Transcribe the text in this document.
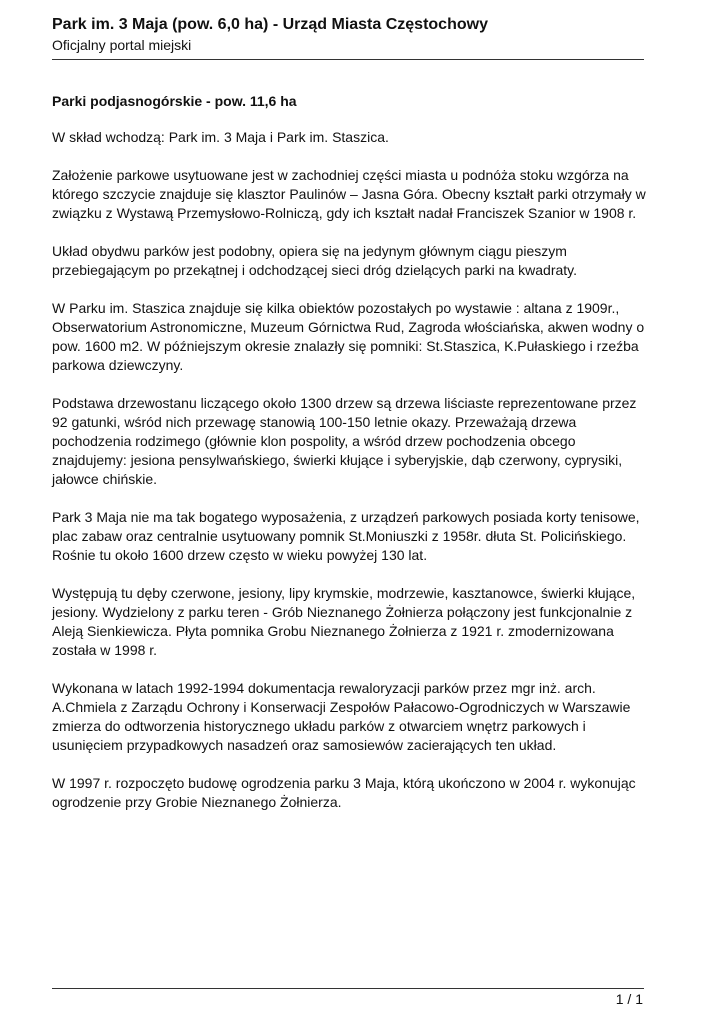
Park im. 3 Maja (pow. 6,0 ha) - Urząd Miasta Częstochowy
Oficjalny portal miejski
Parki podjasnogórskie - pow. 11,6 ha

W skład wchodzą: Park im. 3 Maja i Park im. Staszica.

Założenie parkowe usytuowane jest w zachodniej części miasta u podnóża stoku wzgórza na
którego szczycie znajduje się klasztor Paulinów – Jasna Góra. Obecny kształt parki otrzymały w
związku z Wystawą Przemysłowo-Rolniczą, gdy ich kształt nadał Franciszek Szanior w 1908 r.

Układ obydwu parków jest podobny, opiera się na jedynym głównym ciągu pieszym
przebiegającym po przekątnej i odchodzącej sieci dróg dzielących parki na kwadraty.

W Parku im. Staszica znajduje się kilka obiektów pozostałych po wystawie : altana z 1909r.,
Obserwatorium Astronomiczne, Muzeum Górnictwa Rud, Zagroda włościańska, akwen wodny o
pow. 1600 m2. W późniejszym okresie znalazły się pomniki: St.Staszica, K.Pułaskiego i rzeźba
parkowa dziewczyny.

Podstawa drzewostanu liczącego około 1300 drzew są drzewa liściaste reprezentowane przez
92 gatunki, wśród nich przewagę stanowią 100-150 letnie okazy. Przeważają drzewa
pochodzenia rodzimego (głównie klon pospolity, a wśród drzew pochodzenia obcego
znajdujemy: jesiona pensylwańskiego, świerki kłujące i syberyjskie, dąb czerwony, cyprysiki,
jałowce chińskie.

Park 3 Maja nie ma tak bogatego wyposażenia, z urządzeń parkowych posiada korty tenisowe,
plac zabaw oraz centralnie usytuowany pomnik St.Moniuszki z 1958r. dłuta St. Policińskiego.
Rośnie tu około 1600 drzew często w wieku powyżej 130 lat.

Występują tu dęby czerwone, jesiony, lipy krymskie, modrzewie, kasztanowce, świerki kłujące,
jesiony. Wydzielony z parku teren - Grób Nieznanego Żołnierza połączony jest funkcjonalnie z
Aleją Sienkiewicza. Płyta pomnika Grobu Nieznanego Żołnierza z 1921 r. zmodernizowana
została w 1998 r.

Wykonana w latach 1992-1994 dokumentacja rewaloryzacji parków przez mgr inż. arch.
A.Chmiela z Zarządu Ochrony i Konserwacji Zespołów Pałacowo-Ogrodniczych w Warszawie
zmierza do odtworzenia historycznego układu parków z otwarciem wnętrz parkowych i
usunięciem przypadkowych nasadzeń oraz samosiewów zacierających ten układ.

W 1997 r. rozpoczęto budowę ogrodzenia parku 3 Maja, którą ukończono w 2004 r. wykonując
ogrodzenie przy Grobie Nieznanego Żołnierza.

1 / 1
